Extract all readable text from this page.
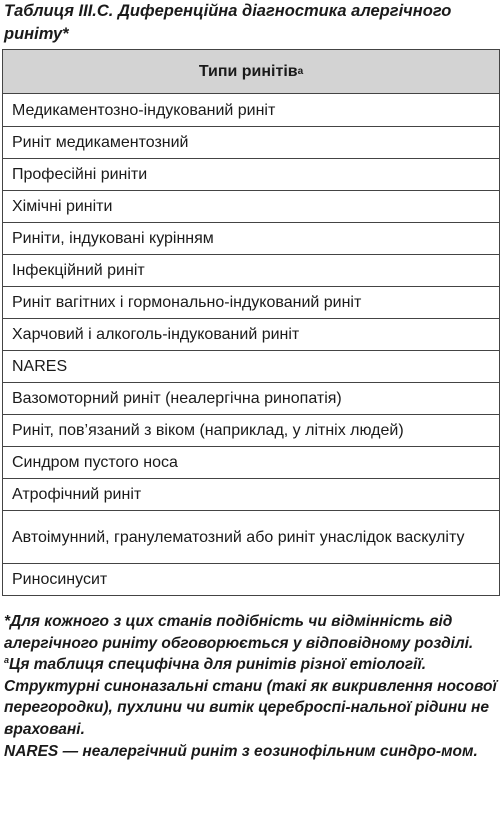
Таблиця III.C. Диференційна діагностика алергічного риніту*
Типи ринітів a
Медикаментозно-індукований риніт
Риніт медикаментозний
Професійні риніти
Хімічні риніти
Риніти, індуковані курінням
Інфекційний риніт
Риніт вагітних і гормонально-індукований риніт
Харчовий і алкоголь-індукований риніт
NARES
Вазомоторний риніт (неалергічна ринопатія)
Риніт, пов’язаний з віком (наприклад, у літніх людей)
Синдром пустого носа
Атрофічний риніт
Автоімунний, гранулематозний або риніт унаслідок васкуліту
Риносинусит

*Для кожного з цих станів подібність чи відмінність від алергічного риніту обговорюється у відповідному розділі.

$^a$Ця таблиця специфічна для ринітів різної етіології. Структурні синоназальні стани (такі як викривлення носової перегородки), пухлини чи витік цереброспі-нальної рідини не враховані.

NARES — неалергічний риніт з еозинофільним синдро-мом.
